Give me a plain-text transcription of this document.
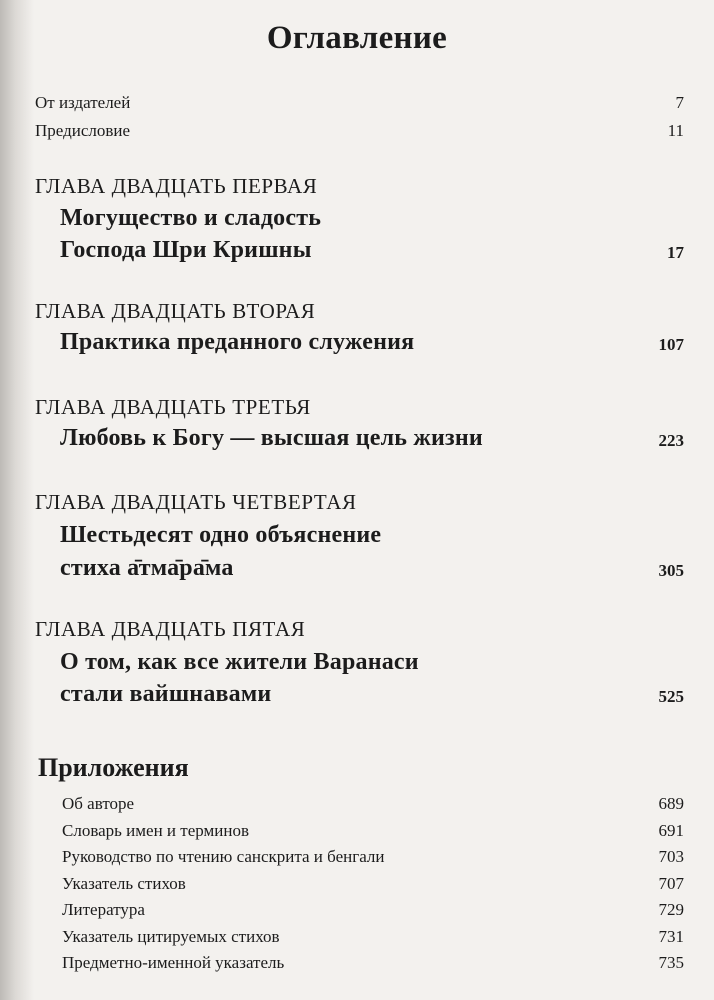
Оглавление
От издателей	7
Предисловие	11
ГЛАВА ДВАДЦАТЬ ПЕРВАЯ
Могущество и сладость
Господа Шри Кришны	17
ГЛАВА ДВАДЦАТЬ ВТОРАЯ
Практика преданного служения	107
ГЛАВА ДВАДЦАТЬ ТРЕТЬЯ
Любовь к Богу — высшая цель жизни	223
ГЛАВА ДВАДЦАТЬ ЧЕТВЕРТАЯ
Шестьдесят одно объяснение
стиха а̄тма̄ра̄ма	305
ГЛАВА ДВАДЦАТЬ ПЯТАЯ
О том, как все жители Варанаси
стали вайшнавами	525
Приложения
Об авторе	689
Словарь имен и терминов	691
Руководство по чтению санскрита и бенгали	703
Указатель стихов	707
Литература	729
Указатель цитируемых стихов	731
Предметно-именной указатель	735
